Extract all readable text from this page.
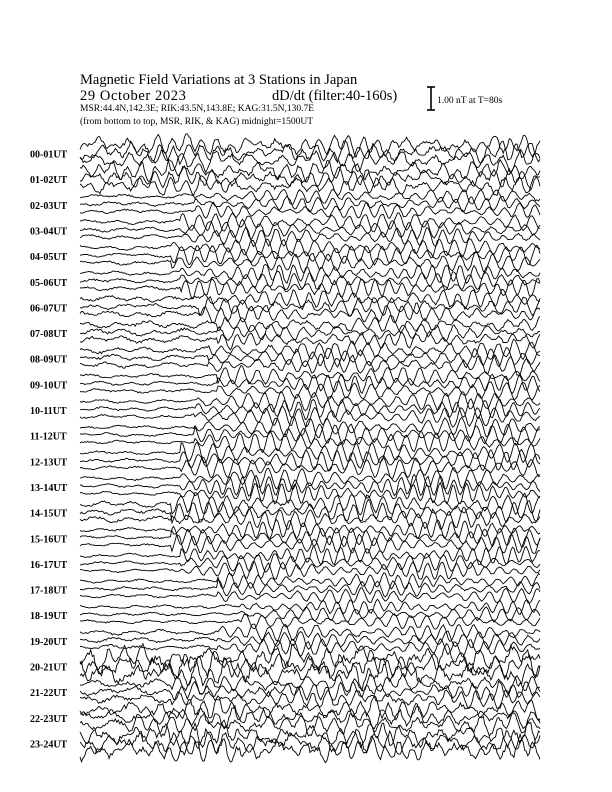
Magnetic Field Variations at 3 Stations in Japan
29 October 2023	dD/dt (filter:40-160s)
MSR:44.4N,142.3E; RIK:43.5N,143.8E; KAG:31.5N,130.7E
(from bottom to top, MSR, RIK, & KAG) midnight=1500UT
1.00 nT at T=80s
00-01UT
01-02UT
02-03UT
03-04UT
04-05UT
05-06UT
06-07UT
07-08UT
08-09UT
09-10UT
10-11UT
11-12UT
12-13UT
13-14UT
14-15UT
15-16UT
16-17UT
17-18UT
18-19UT
19-20UT
20-21UT
21-22UT
22-23UT
23-24UT
